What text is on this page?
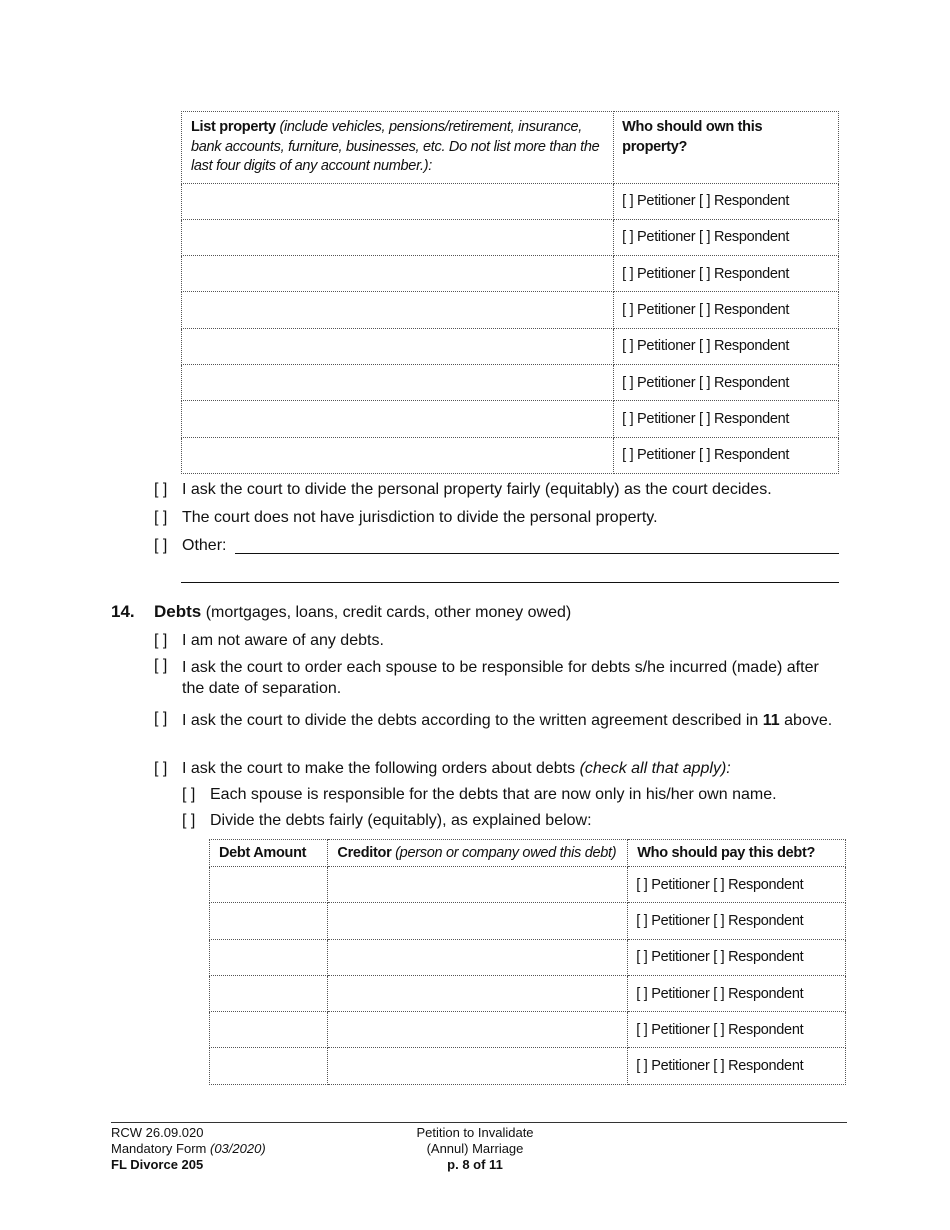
List property (include vehicles, pensions/retirement, insurance, bank accounts, furniture, businesses, etc. Do not list more than the last four digits of any account number.):	Who should own this property?
	[ ] Petitioner [ ] Respondent
	[ ] Petitioner [ ] Respondent
	[ ] Petitioner [ ] Respondent
	[ ] Petitioner [ ] Respondent
	[ ] Petitioner [ ] Respondent
	[ ] Petitioner [ ] Respondent
	[ ] Petitioner [ ] Respondent
	[ ] Petitioner [ ] Respondent
[ ] I ask the court to divide the personal property fairly (equitably) as the court decides.
[ ] The court does not have jurisdiction to divide the personal property.
[ ] Other:
14. Debts (mortgages, loans, credit cards, other money owed)
[ ] I am not aware of any debts.
[ ] I ask the court to order each spouse to be responsible for debts s/he incurred (made) after the date of separation.
[ ] I ask the court to divide the debts according to the written agreement described in 11 above.
[ ] I ask the court to make the following orders about debts (check all that apply):
[ ] Each spouse is responsible for the debts that are now only in his/her own name.
[ ] Divide the debts fairly (equitably), as explained below:
Debt Amount	Creditor (person or company owed this debt)	Who should pay this debt?
		[ ] Petitioner [ ] Respondent
		[ ] Petitioner [ ] Respondent
		[ ] Petitioner [ ] Respondent
		[ ] Petitioner [ ] Respondent
		[ ] Petitioner [ ] Respondent
		[ ] Petitioner [ ] Respondent
RCW 26.09.020
Mandatory Form (03/2020)
FL Divorce 205
Petition to Invalidate
(Annul) Marriage
p. 8 of 11
